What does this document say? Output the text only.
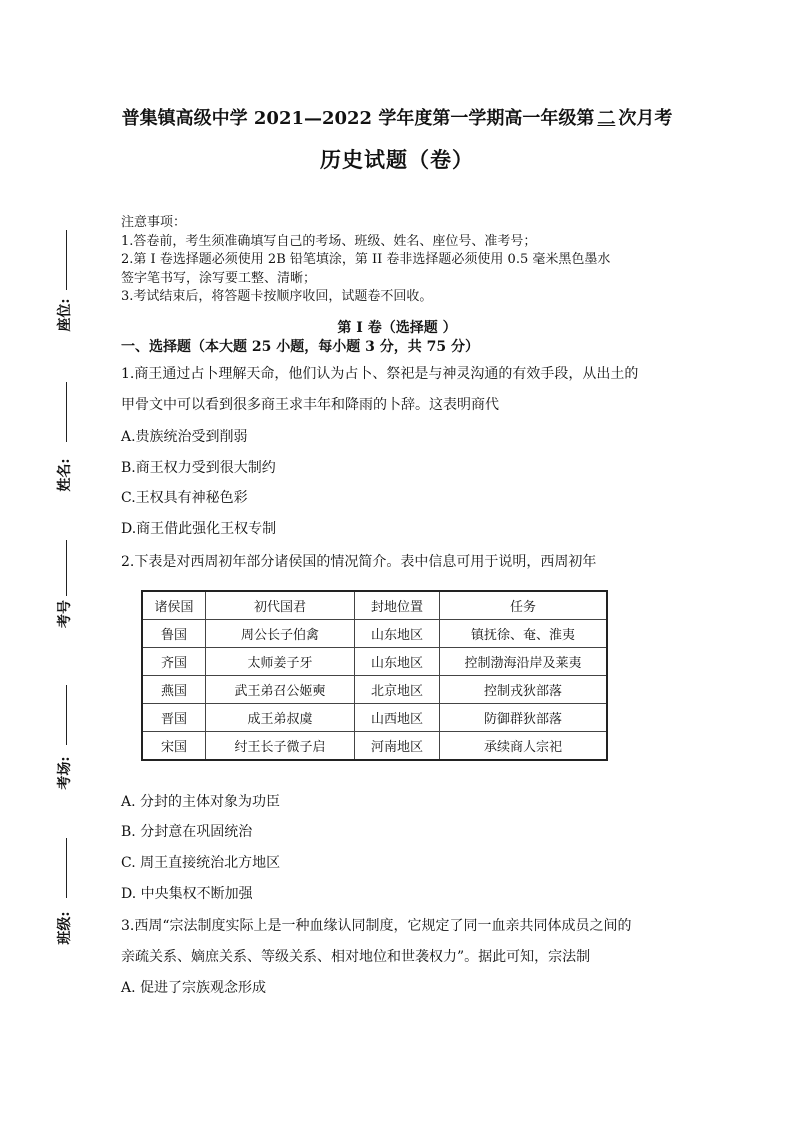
普集镇高级中学 2021—2022 学年度第一学期高一年级第 二 次月考
历史试题（卷）
注意事项：
1.答卷前，考生须准确填写自己的考场、班级、姓名、座位号、准考号；
2.第 I 卷选择题必须使用 2B 铅笔填涂，第 II 卷非选择题必须使用 0.5 毫米黑色墨水
签字笔书写，涂写要工整、清晰；
3.考试结束后，将答题卡按顺序收回，试题卷不回收。
第 I 卷（选择题 ）
一、选择题（本大题 25 小题，每小题 3 分，共 75 分）
1.商王通过占卜理解天命，他们认为占卜、祭祀是与神灵沟通的有效手段，从出土的
甲骨文中可以看到很多商王求丰年和降雨的卜辞。这表明商代
A.贵族统治受到削弱
B.商王权力受到很大制约
C.王权具有神秘色彩
D.商王借此强化王权专制
2.下表是对西周初年部分诸侯国的情况简介。表中信息可用于说明，西周初年
诸侯国	初代国君	封地位置	任务
鲁国	周公长子伯禽	山东地区	镇抚徐、奄、淮夷
齐国	太师姜子牙	山东地区	控制渤海沿岸及莱夷
燕国	武王弟召公姬奭	北京地区	控制戎狄部落
晋国	成王弟叔虞	山西地区	防御群狄部落
宋国	纣王长子微子启	河南地区	承续商人宗祀
A. 分封的主体对象为功臣
B. 分封意在巩固统治
C. 周王直接统治北方地区
D. 中央集权不断加强
3.西周“宗法制度实际上是一种血缘认同制度，它规定了同一血亲共同体成员之间的
亲疏关系、嫡庶关系、等级关系、相对地位和世袭权力”。据此可知，宗法制
A. 促进了宗族观念形成
座位:
姓名:
考号
考场:
班级:
